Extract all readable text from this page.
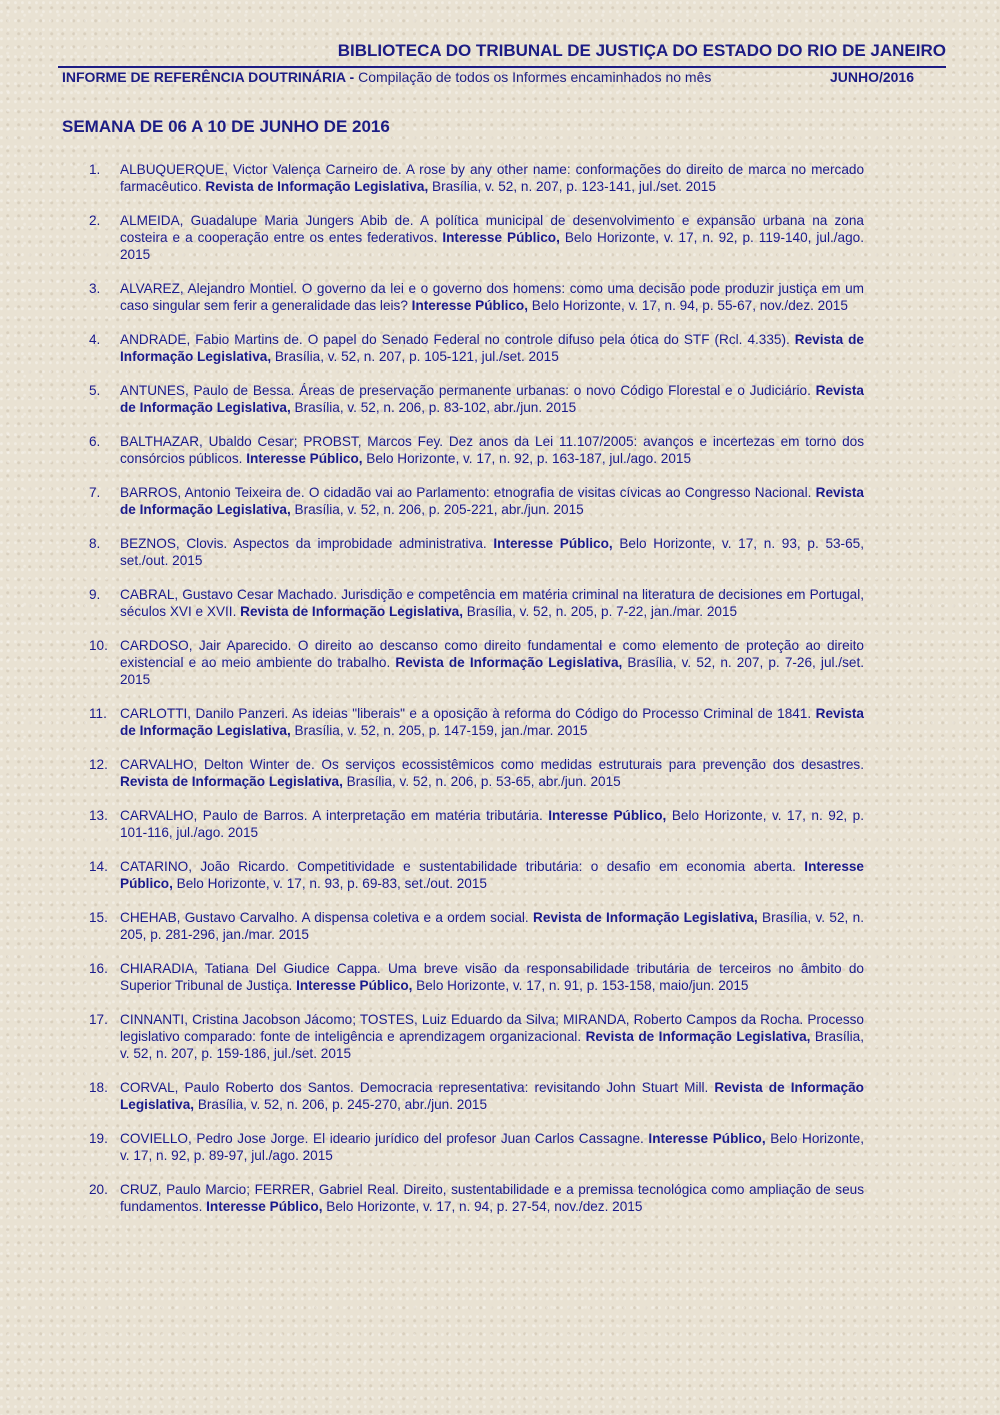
BIBLIOTECA DO TRIBUNAL DE JUSTIÇA DO ESTADO DO RIO DE JANEIRO
INFORME DE REFERÊNCIA DOUTRINÁRIA - Compilação de todos os Informes encaminhados no mês	JUNHO/2016
SEMANA DE 06 A 10 DE JUNHO DE 2016
1. ALBUQUERQUE, Victor Valença Carneiro de. A rose by any other name: conformações do direito de marca no mercado farmacêutico. Revista de Informação Legislativa, Brasília, v. 52, n. 207, p. 123-141, jul./set. 2015
2. ALMEIDA, Guadalupe Maria Jungers Abib de. A política municipal de desenvolvimento e expansão urbana na zona costeira e a cooperação entre os entes federativos. Interesse Público, Belo Horizonte, v. 17, n. 92, p. 119-140, jul./ago. 2015
3. ALVAREZ, Alejandro Montiel. O governo da lei e o governo dos homens: como uma decisão pode produzir justiça em um caso singular sem ferir a generalidade das leis? Interesse Público, Belo Horizonte, v. 17, n. 94, p. 55-67, nov./dez. 2015
4. ANDRADE, Fabio Martins de. O papel do Senado Federal no controle difuso pela ótica do STF (Rcl. 4.335). Revista de Informação Legislativa, Brasília, v. 52, n. 207, p. 105-121, jul./set. 2015
5. ANTUNES, Paulo de Bessa. Áreas de preservação permanente urbanas: o novo Código Florestal e o Judiciário. Revista de Informação Legislativa, Brasília, v. 52, n. 206, p. 83-102, abr./jun. 2015
6. BALTHAZAR, Ubaldo Cesar; PROBST, Marcos Fey. Dez anos da Lei 11.107/2005: avanços e incertezas em torno dos consórcios públicos. Interesse Público, Belo Horizonte, v. 17, n. 92, p. 163-187, jul./ago. 2015
7. BARROS, Antonio Teixeira de. O cidadão vai ao Parlamento: etnografia de visitas cívicas ao Congresso Nacional. Revista de Informação Legislativa, Brasília, v. 52, n. 206, p. 205-221, abr./jun. 2015
8. BEZNOS, Clovis. Aspectos da improbidade administrativa. Interesse Público, Belo Horizonte, v. 17, n. 93, p. 53-65, set./out. 2015
9. CABRAL, Gustavo Cesar Machado. Jurisdição e competência em matéria criminal na literatura de decisiones em Portugal, séculos XVI e XVII. Revista de Informação Legislativa, Brasília, v. 52, n. 205, p. 7-22, jan./mar. 2015
10. CARDOSO, Jair Aparecido. O direito ao descanso como direito fundamental e como elemento de proteção ao direito existencial e ao meio ambiente do trabalho. Revista de Informação Legislativa, Brasília, v. 52, n. 207, p. 7-26, jul./set. 2015
11. CARLOTTI, Danilo Panzeri. As ideias "liberais" e a oposição à reforma do Código do Processo Criminal de 1841. Revista de Informação Legislativa, Brasília, v. 52, n. 205, p. 147-159, jan./mar. 2015
12. CARVALHO, Delton Winter de. Os serviços ecossistêmicos como medidas estruturais para prevenção dos desastres. Revista de Informação Legislativa, Brasília, v. 52, n. 206, p. 53-65, abr./jun. 2015
13. CARVALHO, Paulo de Barros. A interpretação em matéria tributária. Interesse Público, Belo Horizonte, v. 17, n. 92, p. 101-116, jul./ago. 2015
14. CATARINO, João Ricardo. Competitividade e sustentabilidade tributária: o desafio em economia aberta. Interesse Público, Belo Horizonte, v. 17, n. 93, p. 69-83, set./out. 2015
15. CHEHAB, Gustavo Carvalho. A dispensa coletiva e a ordem social. Revista de Informação Legislativa, Brasília, v. 52, n. 205, p. 281-296, jan./mar. 2015
16. CHIARADIA, Tatiana Del Giudice Cappa. Uma breve visão da responsabilidade tributária de terceiros no âmbito do Superior Tribunal de Justiça. Interesse Público, Belo Horizonte, v. 17, n. 91, p. 153-158, maio/jun. 2015
17. CINNANTI, Cristina Jacobson Jácomo; TOSTES, Luiz Eduardo da Silva; MIRANDA, Roberto Campos da Rocha. Processo legislativo comparado: fonte de inteligência e aprendizagem organizacional. Revista de Informação Legislativa, Brasília, v. 52, n. 207, p. 159-186, jul./set. 2015
18. CORVAL, Paulo Roberto dos Santos. Democracia representativa: revisitando John Stuart Mill. Revista de Informação Legislativa, Brasília, v. 52, n. 206, p. 245-270, abr./jun. 2015
19. COVIELLO, Pedro Jose Jorge. El ideario jurídico del profesor Juan Carlos Cassagne. Interesse Público, Belo Horizonte, v. 17, n. 92, p. 89-97, jul./ago. 2015
20. CRUZ, Paulo Marcio; FERRER, Gabriel Real. Direito, sustentabilidade e a premissa tecnológica como ampliação de seus fundamentos. Interesse Público, Belo Horizonte, v. 17, n. 94, p. 27-54, nov./dez. 2015
